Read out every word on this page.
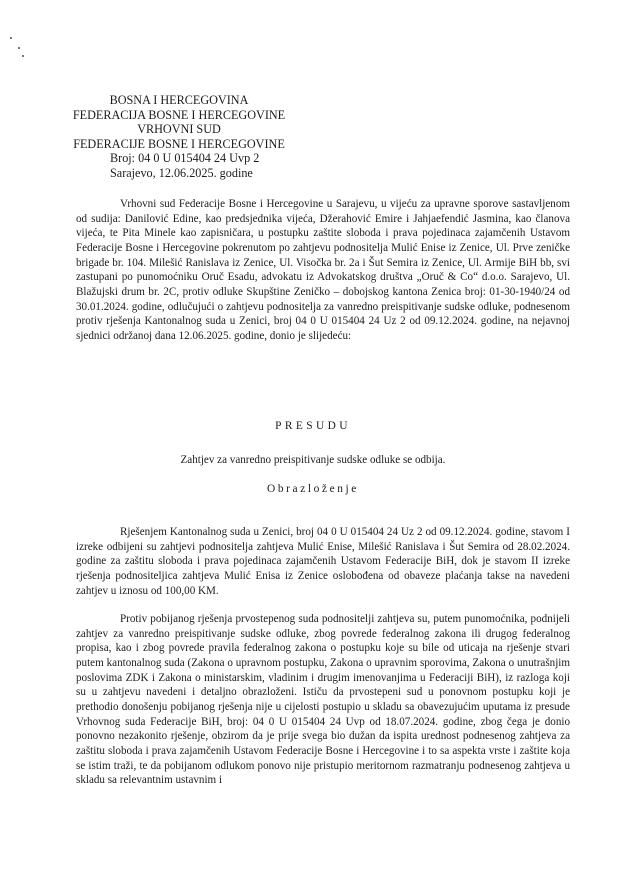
BOSNA I HERCEGOVINA
FEDERACIJA BOSNE I HERCEGOVINE
VRHOVNI SUD
FEDERACIJE BOSNE I HERCEGOVINE
Broj: 04 0 U 015404 24 Uvp 2
Sarajevo, 12.06.2025. godine
Vrhovni sud Federacije Bosne i Hercegovine u Sarajevu, u vijeću za upravne sporove sastavljenom od sudija: Danilović Edine, kao predsjednika vijeća, Džerahović Emire i Jahjaefendić Jasmina, kao članova vijeća, te Pita Minele kao zapisničara, u postupku zaštite sloboda i prava pojedinaca zajamčenih Ustavom Federacije Bosne i Hercegovine pokrenutom po zahtjevu podnositelja Mulić Enise iz Zenice, Ul. Prve zeničke brigade br. 104. Milešić Ranislava iz Zenice, Ul. Visočka br. 2a i Šut Semira iz Zenice, Ul. Armije BiH bb, svi zastupani po punomoćniku Oruč Esadu, advokatu iz Advokatskog društva „Oruč & Co“ d.o.o. Sarajevo, Ul. Blažujski drum br. 2C, protiv odluke Skupštine Zeničko – dobojskog kantona Zenica broj: 01-30-1940/24 od 30.01.2024. godine, odlučujući o zahtjevu podnositelja za vanredno preispitivanje sudske odluke, podnesenom protiv rješenja Kantonalnog suda u Zenici, broj 04 0 U 015404 24 Uz 2 od 09.12.2024. godine, na nejavnoj sjednici održanoj dana 12.06.2025. godine, donio je slijedeću:
PRESUDU
Zahtjev za vanredno preispitivanje sudske odluke se odbija.
Obrazloženje
Rješenjem Kantonalnog suda u Zenici, broj 04 0 U 015404 24 Uz 2 od 09.12.2024. godine, stavom I izreke odbijeni su zahtjevi podnositelja zahtjeva Mulić Enise, Milešić Ranislava i Šut Semira od 28.02.2024. godine za zaštitu sloboda i prava pojedinaca zajamčenih Ustavom Federacije BiH, dok je stavom II izreke rješenja podnositeljica zahtjeva Mulić Enisa iz Zenice oslobođena od obaveze plaćanja takse na navedeni zahtjev u iznosu od 100,00 KM.
Protiv pobijanog rješenja prvostepenog suda podnositelji zahtjeva su, putem punomoćnika, podnijeli zahtjev za vanredno preispitivanje sudske odluke, zbog povrede federalnog zakona ili drugog federalnog propisa, kao i zbog povrede pravila federalnog zakona o postupku koje su bile od uticaja na rješenje stvari putem kantonalnog suda (Zakona o upravnom postupku, Zakona o upravnim sporovima, Zakona o unutrašnjim poslovima ZDK i Zakona o ministarskim, vladinim i drugim imenovanjima u Federaciji BiH), iz razloga koji su u zahtjevu navedeni i detaljno obrazloženi. Ističu da prvostepeni sud u ponovnom postupku koji je prethodio donošenju pobijanog rješenja nije u cijelosti postupio u skladu sa obavezujućim uputama iz presude Vrhovnog suda Federacije BiH, broj: 04 0 U 015404 24 Uvp od 18.07.2024. godine, zbog čega je donio ponovno nezakonito rješenje, obzirom da je prije svega bio dužan da ispita urednost podnesenog zahtjeva za zaštitu sloboda i prava zajamčenih Ustavom Federacije Bosne i Hercegovine i to sa aspekta vrste i zaštite koja se istim traži, te da pobijanom odlukom ponovo nije pristupio meritornom razmatranju podnesenog zahtjeva u skladu sa relevantnim ustavnim i
